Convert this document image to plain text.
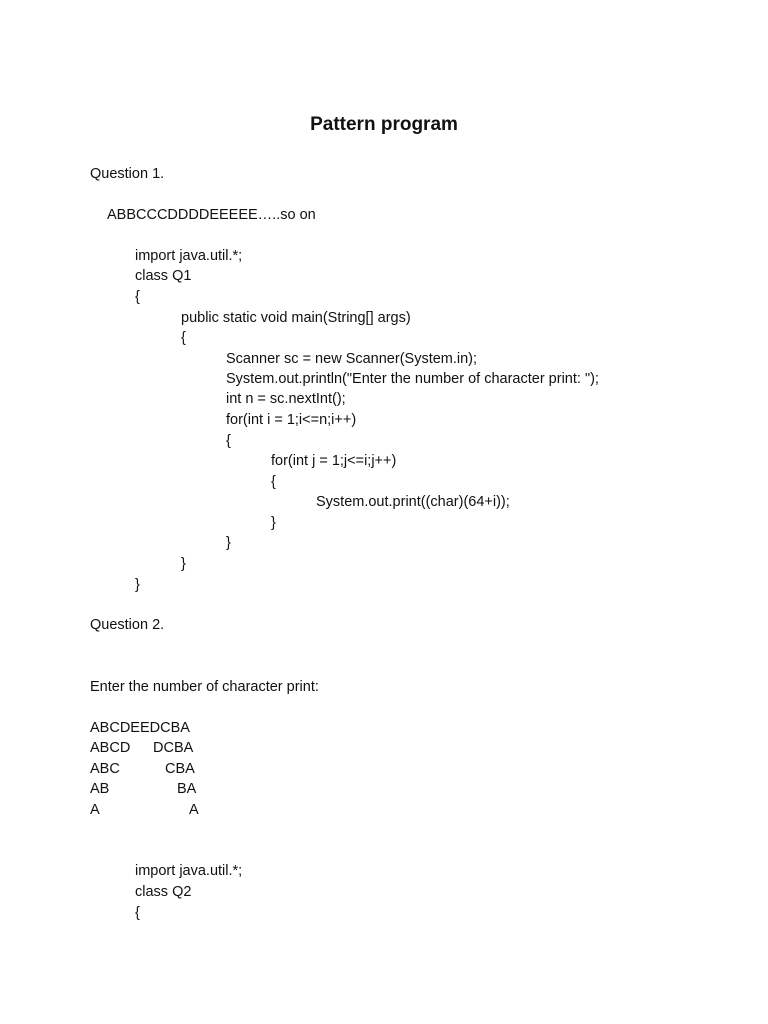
Pattern program
Question 1.
ABBCCCDDDDEEEEE…..so on
import java.util.*;
class Q1
{
public static void main(String[] args)
{
Scanner sc = new Scanner(System.in);
System.out.println("Enter the number of character print: ");
int n = sc.nextInt();
for(int i = 1;i<=n;i++)
{
for(int j = 1;j<=i;j++)
{
System.out.print((char)(64+i));
}
}
}
}
Question 2.
Enter the number of character print:
ABCDEEDCBA
ABCD DCBA
ABC	CBA
AB	BA
A	A
import java.util.*;
class Q2
{
